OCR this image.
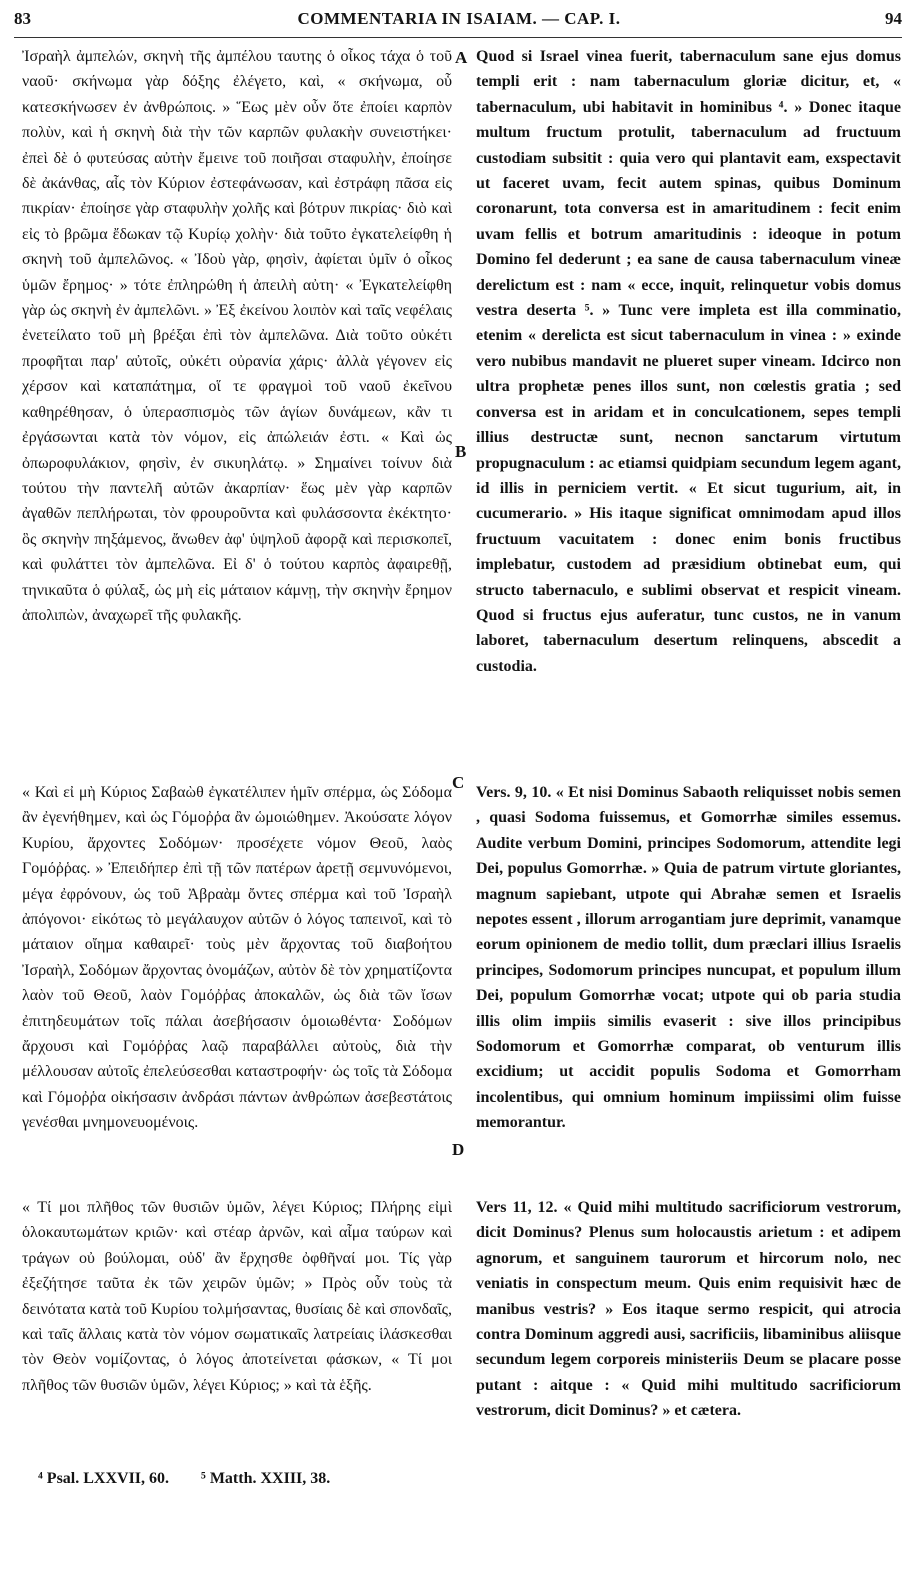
83	COMMENTARIA IN ISAIAM. — CAP. I.	94

Ἰσραὴλ ἀμπελών, σκηνὴ τῆς ἀμπέλου ταυτης ὁ οἶκος τάχα ὁ τοῦ ναοῦ· σκήνωμα γὰρ δόξης ἐλέγετο, καὶ, « σκήνωμα, οὗ κατεσκήνωσεν ἐν ἀνθρώποις. » Ἕως μὲν οὖν ὅτε ἐποίει καρπὸν πολὺν, καὶ ἡ σκηνὴ διὰ τὴν τῶν καρπῶν φυλακὴν συνειστήκει· ἐπεὶ δὲ ὁ φυτεύσας αὐτὴν ἔμεινε τοῦ ποιῆσαι σταφυλὴν, ἐποίησε δὲ ἀκάνθας, αἷς τὸν Κύριον ἐστεφάνωσαν, καὶ ἐστράφη πᾶσα εἰς πικρίαν· ἐποίησε γὰρ σταφυλὴν χολῆς καὶ βότρυν πικρίας· διὸ καὶ εἰς τὸ βρῶμα ἔδωκαν τῷ Κυρίῳ χολὴν· διὰ τοῦτο ἐγκατελείφθη ἡ σκηνὴ τοῦ ἀμπελῶνος. « Ἰδοὺ γὰρ, φησὶν, ἀφίεται ὑμῖν ὁ οἶκος ὑμῶν ἔρημος· » τότε ἐπληρώθη ἡ ἀπειλὴ αὐτη· « Ἐγκατελείφθη γὰρ ὡς σκηνὴ ἐν ἀμπελῶνι. » Ἐξ ἐκείνου λοιπὸν καὶ ταῖς νεφέλαις ἐνετείλατο τοῦ μὴ βρέξαι ἐπὶ τὸν ἀμπελῶνα. Διὰ τοῦτο οὐκέτι προφῆται παρ' αὐτοῖς, οὐκέτι οὐρανία χάρις· ἀλλὰ γέγονεν εἰς χέρσον καὶ καταπάτημα, οἵ τε φραγμοὶ τοῦ ναοῦ ἐκεῖνου καθηρέθησαν, ὁ ὑπερασπισμὸς τῶν ἁγίων δυνάμεων, κἂν τι ἐργάσωνται κατὰ τὸν νόμον, εἰς ἀπώλειάν ἐστι. « Καὶ ὡς ὀπωροφυλάκιον, φησὶν, ἐν σικυηλάτῳ. » Σημαίνει τοίνυν διὰ τούτου τὴν παντελῆ αὐτῶν ἀκαρπίαν· ἕως μὲν γὰρ καρπῶν ἀγαθῶν πεπλήρωται, τὸν φρουροῦντα καὶ φυλάσσοντα ἐκέκτητο· ὃς σκηνὴν πηξάμενος, ἄνωθεν ἀφ' ὑψηλοῦ ἀφορᾷ καὶ περισκοπεῖ, καὶ φυλάττει τὸν ἀμπελῶνα. Εἰ δ' ὁ τούτου καρπὸς ἀφαιρεθῇ, τηνικαῦτα ὁ φύλαξ, ὡς μὴ εἰς μάταιον κάμνῃ, τὴν σκηνὴν ἔρημον ἀπολιπὼν, ἀναχωρεῖ τῆς φυλακῆς.

Quod si Israel vinea fuerit, tabernaculum sane ejus domus templi erit : nam tabernaculum gloriæ dicitur, et, « tabernaculum, ubi habitavit in hominibus ⁴. » Donec itaque multum fructum protulit, tabernaculum ad fructuum custodiam subsitit : quia vero qui plantavit eam, exspectavit ut faceret uvam, fecit autem spinas, quibus Dominum coronarunt, tota conversa est in amaritudinem : fecit enim uvam fellis et botrum amaritudinis : ideoque in potum Domino fel dederunt ; ea sane de causa tabernaculum vineæ derelictum est : nam « ecce, inquit, relinquetur vobis domus vestra deserta ⁵. » Tunc vere impleta est illa comminatio, etenim « derelicta est sicut tabernaculum in vinea : » exinde vero nubibus mandavit ne plueret super vineam. Idcirco non ultra prophetæ penes illos sunt, non cœlestis gratia ; sed conversa est in aridam et in conculcationem, sepes templi illius destructæ sunt, necnon sanctarum virtutum propugnaculum : ac etiamsi quidpiam secundum legem agant, id illis in perniciem vertit. « Et sicut tugurium, ait, in cucumerario. » His itaque significat omnimodam apud illos fructuum vacuitatem : donec enim bonis fructibus implebatur, custodem ad præsidium obtinebat eum, qui structo tabernaculo, e sublimi observat et respicit vineam. Quod si fructus ejus auferatur, tunc custos, ne in vanum laboret, tabernaculum desertum relinquens, abscedit a custodia.

« Καὶ εἰ μὴ Κύριος Σαβαὼθ ἐγκατέλιπεν ἡμῖν σπέρμα, ὡς Σόδομα ἂν ἐγενήθημεν, καὶ ὡς Γόμοῤῥα ἂν ὡμοιώθημεν. Ἀκούσατε λόγον Κυρίου, ἄρχοντες Σοδόμων· προσέχετε νόμον Θεοῦ, λαὸς Γομόῤῥας. » Ἐπειδήπερ ἐπὶ τῇ τῶν πατέρων ἀρετῇ σεμνυνόμενοι, μέγα ἐφρόνουν, ὡς τοῦ Ἀβραὰμ ὄντες σπέρμα καὶ τοῦ Ἰσραὴλ ἀπόγονοι· εἰκότως τὸ μεγάλαυχον αὐτῶν ὁ λόγος ταπεινοῖ, καὶ τὸ μάταιον οἴημα καθαιρεῖ· τοὺς μὲν ἄρχοντας τοῦ διαβοήτου Ἰσραὴλ, Σοδόμων ἄρχοντας ὀνομάζων, αὐτὸν δὲ τὸν χρηματίζοντα λαὸν τοῦ Θεοῦ, λαὸν Γομόῤῥας ἀποκαλῶν, ὡς διὰ τῶν ἴσων ἐπιτηδευμάτων τοῖς πάλαι ἀσεβήσασιν ὁμοιωθέντα· Σοδόμων ἄρχουσι καὶ Γομόῤῥας λαῷ παραβάλλει αὐτοὺς, διὰ τὴν μέλλουσαν αὐτοῖς ἐπελεύσεσθαι καταστροφήν· ὡς τοῖς τὰ Σόδομα καὶ Γόμοῤῥα οἰκήσασιν ἀνδράσι πάντων ἀνθρώπων ἀσεβεστάτοις γενέσθαι μνημονευομένοις.

Vers. 9, 10. « Et nisi Dominus Sabaoth reliquisset nobis semen , quasi Sodoma fuissemus, et Gomorrhæ similes essemus. Audite verbum Domini, principes Sodomorum, attendite legi Dei, populus Gomorrhæ. » Quia de patrum virtute gloriantes, magnum sapiebant, utpote qui Abrahæ semen et Israelis nepotes essent , illorum arrogantiam jure deprimit, vanamque eorum opinionem de medio tollit, dum præclari illius Israelis principes, Sodomorum principes nuncupat, et populum illum Dei, populum Gomorrhæ vocat; utpote qui ob paria studia illis olim impiis similis evaserit : sive illos principibus Sodomorum et Gomorrhæ comparat, ob venturum illis excidium; ut accidit populis Sodoma et Gomorrham incolentibus, qui omnium hominum impiissimi olim fuisse memorantur.

« Τί μοι πλῆθος τῶν θυσιῶν ὑμῶν, λέγει Κύριος; Πλήρης εἰμὶ ὁλοκαυτωμάτων κριῶν· καὶ στέαρ ἀρνῶν, καὶ αἷμα ταύρων καὶ τράγων οὐ βούλομαι, οὐδ' ἂν ἔρχησθε ὀφθῆναί μοι. Τίς γὰρ ἐξεζήτησε ταῦτα ἐκ τῶν χειρῶν ὑμῶν; » Πρὸς οὖν τοὺς τὰ δεινότατα κατὰ τοῦ Κυρίου τολμήσαντας, θυσίαις δὲ καὶ σπονδαῖς, καὶ ταῖς ἄλλαις κατὰ τὸν νόμον σωματικαῖς λατρείαις ἱλάσκεσθαι τὸν Θεὸν νομίζοντας, ὁ λόγος ἀποτείνεται φάσκων, « Τί μοι πλῆθος τῶν θυσιῶν ὑμῶν, λέγει Κύριος; » καὶ τὰ ἑξῆς.

Vers 11, 12. « Quid mihi multitudo sacrificiorum vestrorum, dicit Dominus? Plenus sum holocaustis arietum : et adipem agnorum, et sanguinem taurorum et hircorum nolo, nec veniatis in conspectum meum. Quis enim requisivit hæc de manibus vestris? » Eos itaque sermo respicit, qui atrocia contra Dominum aggredi ausi, sacrificiis, libaminibus aliisque secundum legem corporeis ministeriis Deum se placare posse putant : aitque : « Quid mihi multitudo sacrificiorum vestrorum, dicit Dominus? » et cætera.

A
B
C
D
⁴ Psal. LXXVII, 60. ⁵ Matth. XXIII, 38.
